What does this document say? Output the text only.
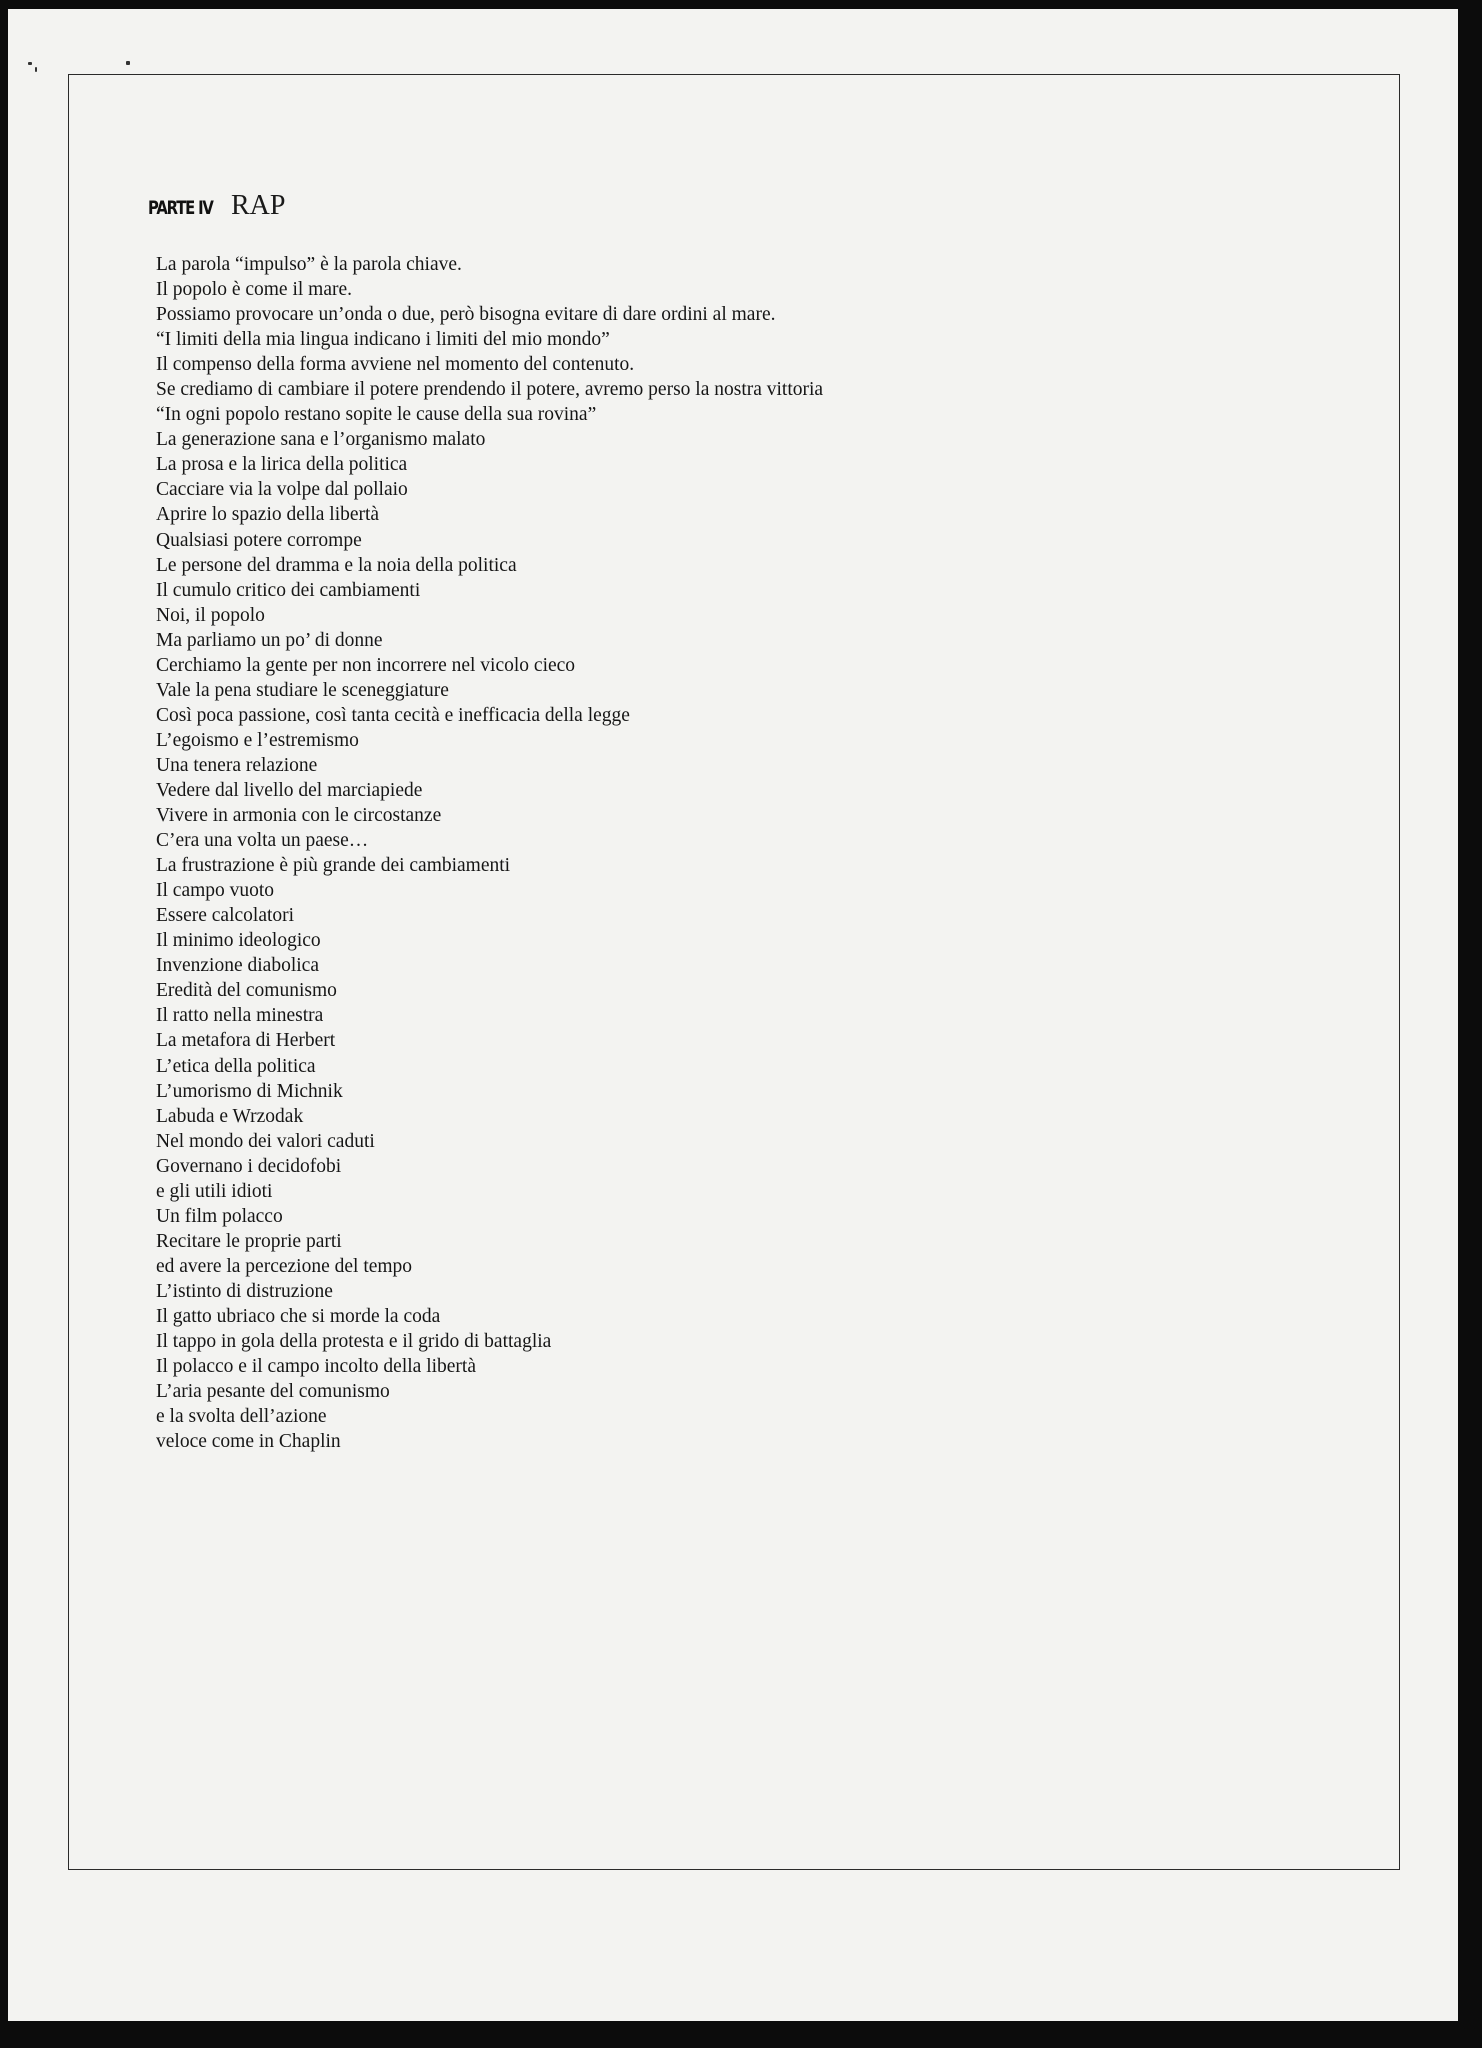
PARTE IV RAP
La parola “impulso” è la parola chiave.
Il popolo è come il mare.
Possiamo provocare un’onda o due, però bisogna evitare di dare ordini al mare.
“I limiti della mia lingua indicano i limiti del mio mondo”
Il compenso della forma avviene nel momento del contenuto.
Se crediamo di cambiare il potere prendendo il potere, avremo perso la nostra vittoria
“In ogni popolo restano sopite le cause della sua rovina”
La generazione sana e l’organismo malato
La prosa e la lirica della politica
Cacciare via la volpe dal pollaio
Aprire lo spazio della libertà
Qualsiasi potere corrompe
Le persone del dramma e la noia della politica
Il cumulo critico dei cambiamenti
Noi, il popolo
Ma parliamo un po’ di donne
Cerchiamo la gente per non incorrere nel vicolo cieco
Vale la pena studiare le sceneggiature
Così poca passione, così tanta cecità e inefficacia della legge
L’egoismo e l’estremismo
Una tenera relazione
Vedere dal livello del marciapiede
Vivere in armonia con le circostanze
C’era una volta un paese…
La frustrazione è più grande dei cambiamenti
Il campo vuoto
Essere calcolatori
Il minimo ideologico
Invenzione diabolica
Eredità del comunismo
Il ratto nella minestra
La metafora di Herbert
L’etica della politica
L’umorismo di Michnik
Labuda e Wrzodak
Nel mondo dei valori caduti
Governano i decidofobi
e gli utili idioti
Un film polacco
Recitare le proprie parti
ed avere la percezione del tempo
L’istinto di distruzione
Il gatto ubriaco che si morde la coda
Il tappo in gola della protesta e il grido di battaglia
Il polacco e il campo incolto della libertà
L’aria pesante del comunismo
e la svolta dell’azione
veloce come in Chaplin
